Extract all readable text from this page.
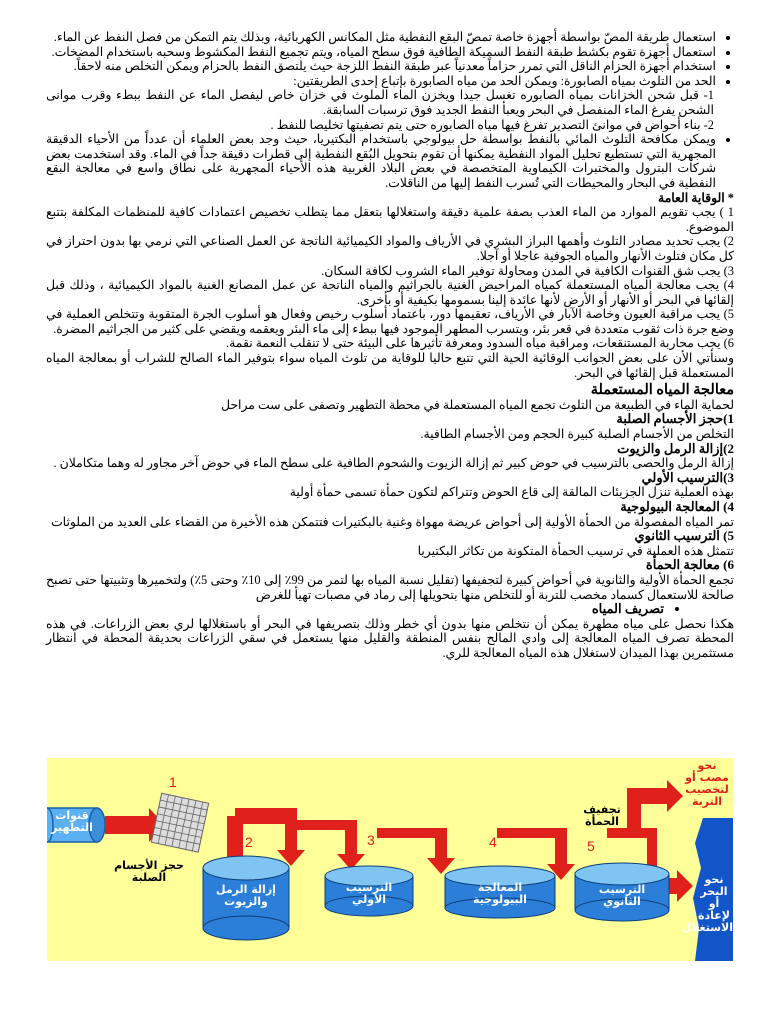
• استعمال طريقة المصّ بواسطة أجهزة خاصة تمصّ البقع النفطية مثل المكانس الكهربائية، وبذلك يتم التمكن من فصل النفط عن الماء.
• استعمال أجهزة تقوم بكشط طبقة النفط السميكة الطافية فوق سطح المياه، ويتم تجميع النفط المكشوط وسحبه باستخدام المضخات.
• استخدام أجهزة الحزام الناقل التي تمرر حزاماً معدنياً عبر طبقة النفط اللزجة حيث يلتصق النفط بالحزام ويمكن التخلص منه لاحقاً.
• الحد من التلوث بمياه الصابورة: ويمكن الحد من مياه الصابورة بإتباع إحدى الطريقتين:

1- قبل شحن الخزانات بمياه الصابوره تغسل جيدا ويخزن الماء الملوث في خزان خاص ليفصل الماء عن النفط ببطء وقرب موانى الشحن يفرغ الماء المنفصل في البحر ويعبأ النفط الجديد فوق ترسبات السابقة.

2- بناء أحواض في موانئ التصدير تفرغ فيها مياه الصابوره حتى يتم تصفيتها تخليصا للنفط .

• ويمكن مكافحة التلوث المائي بالنفط بواسطة حل بيولوجي باستخدام البكتيريا، حيث وجد بعض العلماء أن عدداً من الأحياء الدقيقة المجهرية التي تستطيع تحليل المواد النفطية يمكنها أن تقوم بتحويل البُقع النفطية إلى قطرات دقيقة جداً في الماء. وقد استخدمت بعض شركات البترول والمختبرات الكيماوية المتخصصة في بعض البلاد الغربية هذه الأحياء المجهرية على نطاق واسع في معالجة البقع النفطية في البحار والمحيطات التي تُسرب النفط إليها من الناقلات.

* الوقاية العامة

1 ) يجب تقويم الموارد من الماء العذب بصفة علمية دقيقة واستغلالها بتعقل مما يتطلب تخصيص اعتمادات كافية للمنظمات المكلفة بتتبع الموضوع.

2) يجب تحديد مصادر التلوث وأهمها البراز البشري في الأرياف والمواد الكيميائية الناتجة عن العمل الصناعي التي نرمي بها بدون احتراز في كل مكان فتلوث الأنهار والمياه الجوفية عاجلا أو آجلا.

3) يجب شق القنوات الكافية في المدن ومحاولة توفير الماء الشروب لكافة السكان.

4) يجب معالجة المياه المستعملة كمياه المراحيض الغنية بالجراثيم والمياه الناتجة عن عمل المصانع الغنية بالمواد الكيميائية ، وذلك قبل إلقائها في البحر أو الأنهار أو الأرض لأنها عائدة إلينا بسمومها بكيفية أو بأخرى.

5) يجب مراقبة العيون وخاصة الآبار في الأرياف، تعقيمها دور، باعتماد أسلوب رخيص وفعال هو أسلوب الجرة المتقوبة وتتخلص العملية في وضع جرة ذات ثقوب متعددة في قعر بئر، ويتسرب المطهر الموجود فيها ببطء إلى ماء البئر ويعقمه ويقضي على كثير من الجراثيم المضرة.

6) يجب محاربة المستنقعات، ومراقبة مياه السدود ومعرفة تأثيرها على البيئة حتى لا تنقلب النعمة نقمة.

وسنأتي الأن على بعض الجوانب الوقائية الحية التي تتبع حاليا للوقاية من تلوث المياه سواء بتوفير الماء الصالح للشراب أو بمعالجة المياه المستعملة قبل إلقائها في البحر.

معالجة المياه المستعملة

لحماية الماء في الطبيعة من التلوث تجمع المياه المستعملة في محطة التطهير وتصفى على ست مراحل

1)حجز الأجسام الصلبة

التخلص من الأجسام الصلبة كبيرة الحجم ومن الأجسام الطافية.

2)إزالة الرمل والزيوت

إزالة الرمل والحصى بالترسيب في حوض كبير ثم إزالة الزيوت والشحوم الطافية على سطح الماء في حوض آخر مجاور له وهما متكاملان .

3)الترسيب الأولي

بهذه العملية تنزل الجزيئات المالقة إلى قاع الحوض وتتراكم لتكون حمأة تسمى حمأة أولية

4) المعالجة البيولوجية

تمر المياه المفصولة من الحمأة الأولية إلى أحواض عريضة مهواة وغنية بالبكتيرات فتتمكن هذه الأخيرة من القضاء على العديد من الملوثات

5) الترسيب الثانوي

تتمثل هذه العملية في ترسيب الحمأة المتكونة من تكاثر البكتيريا

6) معالجة الحمأة

تجمع الحمأة الأولية والثانوية في أحواض كبيرة لتجفيفها (تقليل نسبة المياه بها لتمر من 99٪ إلى 10٪ وحتى 5٪) ولتخميرها وتثبيتها حتى تصبح صالحة للاستعمال كسماد مخصب للتربة أو للتخلص منها بتحويلها إلى رماد في مصبات تهيأ للغرض

• تصريف المياه

هكذا نحصل على مياه مطهرة يمكن أن نتخلص منها بدون أي خطر وذلك بتصريفها في البحر أو باستغلالها لري بعض الزراعات. في هذه المحطة تصرف المياه المعالجة إلى وادي المالح بنفس المنطقة والقليل منها يستعمل في سقي الزراعات بحديقة المحطة في انتظار مستثمرين بهذا الميدان لاستغلال هذه المياه المعالجة للري.

قنوات التطهير
حجز الأجسام الصلبة
إزالة الرمل والزيوت
الترسيب الأولي
المعالجة البيولوجية
الترسيب الثانوي
تجفيف الحمأة
نحو مصب أو لتخصيب التربة
نحو البحر أو لإعادة الاستغلال
1
2	3	4	5
